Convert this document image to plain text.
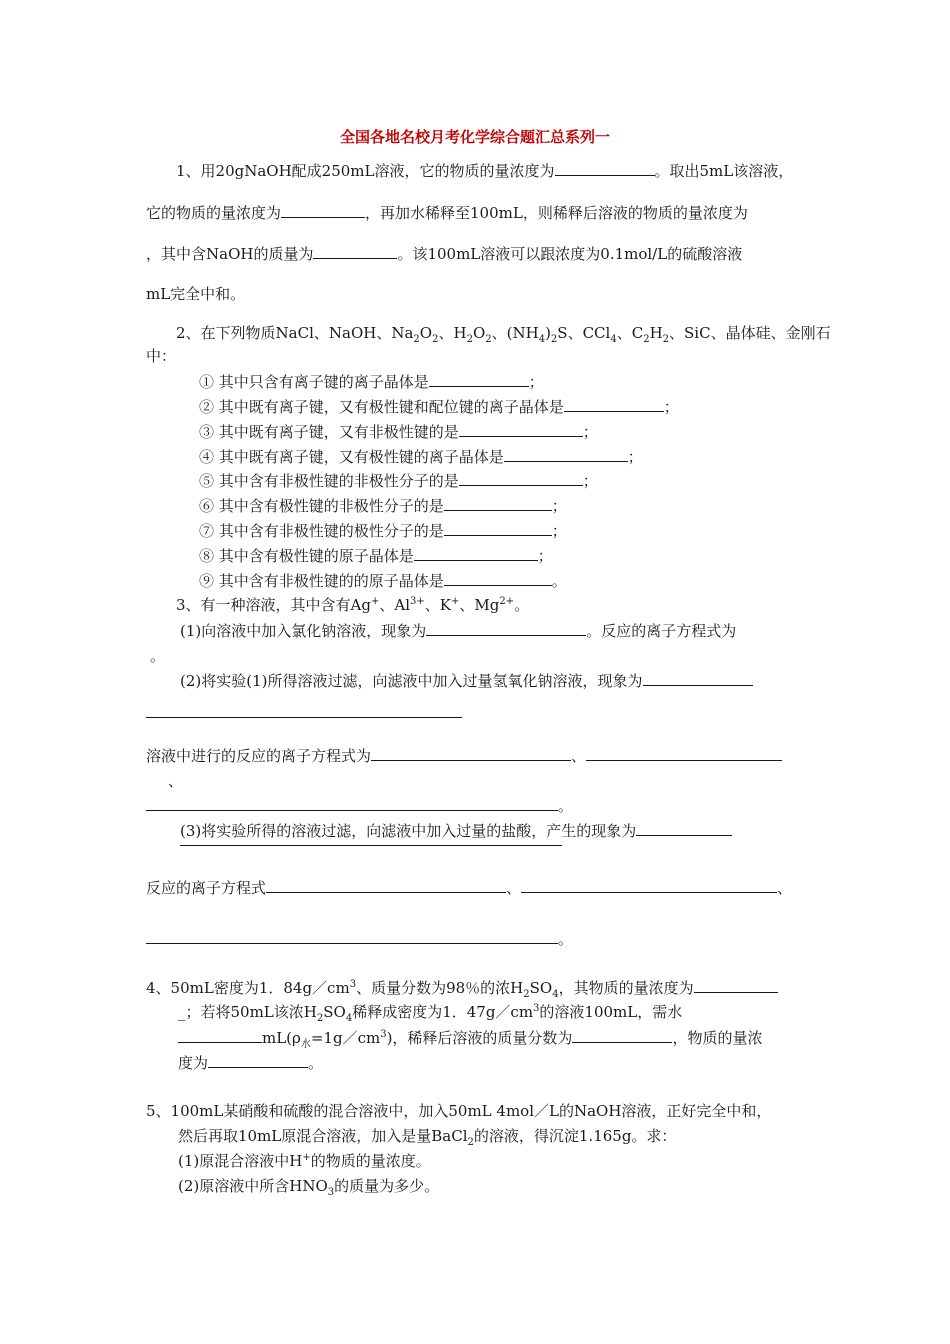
全国各地名校月考化学综合题汇总系列一
1、用20gNaOH配成250mL溶液，它的物质的量浓度为	。取出5mL该溶液，
它的物质的量浓度为	，再加水稀释至100mL，则稀释后溶液的物质的量浓度为
，其中含NaOH的质量为	。该100mL溶液可以跟浓度为0.1mol/L的硫酸溶液
mL完全中和。
2、在下列物质NaCl、NaOH、$Na_2O_2$、$H_2O_2$、$(NH_4)_2S$、CCl$_4$、$C_2H_2$、SiC、晶体硅、金刚石
中：
① 其中只含有离子键的离子晶体是	；
② 其中既有离子键，又有极性键和配位键的离子晶体是	；
③ 其中既有离子键，又有非极性键的是	；
④ 其中既有离子键，又有极性键的离子晶体是	；
⑤ 其中含有非极性键的非极性分子的是	；
⑥ 其中含有极性键的非极性分子的是	；
⑦ 其中含有非极性键的极性分子的是	；
⑧ 其中含有极性键的原子晶体是	；
⑨ 其中含有非极性键的的原子晶体是	。
3、有一种溶液，其中含有Ag+、$Al^{3+}$、K+、$Mg^{2+}$。
(1)向溶液中加入氯化钠溶液，现象为	。反应的离子方程式为
。
(2)将实验(1)所得溶液过滤，向滤液中加入过量氢氧化钠溶液，现象为
溶液中进行的反应的离子方程式为	、
、
。
(3)将实验所得的溶液过滤，向滤液中加入过量的盐酸，产生的现象为
反应的离子方程式	、	、
。
4、50mL密度为1．$84g/cm^3$、质量分数为98％的浓$H_2SO_4$，其物质的量浓度为
_；若将50mL该浓$H_2SO_4$稀释成密度为1．$47g/cm^3$的溶液100mL，需水
$mL(\rho_水=1g/cm^3)$，稀释后溶液的质量分数为	，物质的量浓
度为	。
5、100mL某硝酸和硫酸的混合溶液中，加入50mL 4mol／L的NaOH溶液，正好完全中和，
然后再取10mL原混合溶液，加入是量BaCl$_2$的溶液，得沉淀1.165g。求：
(1)原混合溶液中H+的物质的量浓度。
(2)原溶液中所含$HNO_3$的质量为多少。
